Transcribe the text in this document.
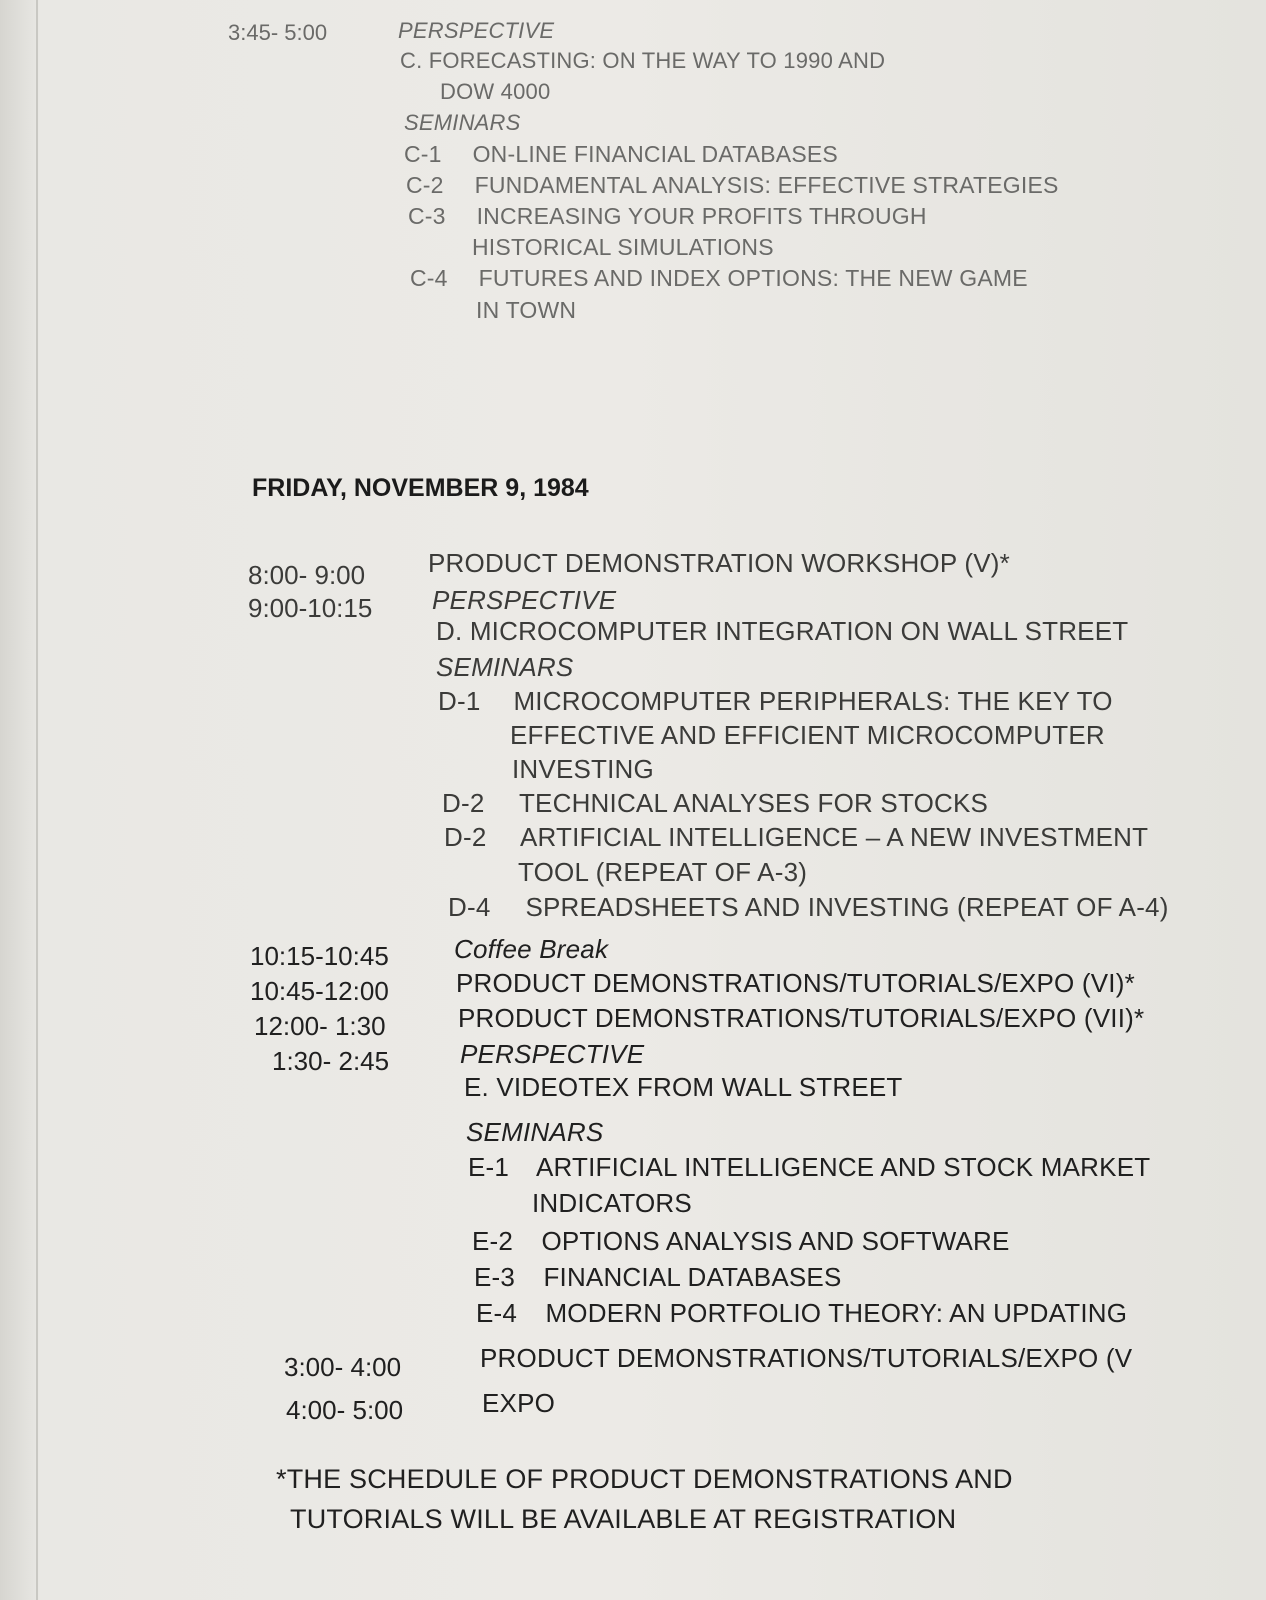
3:45- 5:00	PERSPECTIVE
C. FORECASTING: ON THE WAY TO 1990 AND
DOW 4000
SEMINARS
C-1 ON-LINE FINANCIAL DATABASES
C-2 FUNDAMENTAL ANALYSIS: EFFECTIVE STRATEGIES
C-3 INCREASING YOUR PROFITS THROUGH
HISTORICAL SIMULATIONS
C-4 FUTURES AND INDEX OPTIONS: THE NEW GAME
IN TOWN
FRIDAY, NOVEMBER 9, 1984
8:00- 9:00 PRODUCT DEMONSTRATION WORKSHOP (V)*
9:00-10:15 PERSPECTIVE
D. MICROCOMPUTER INTEGRATION ON WALL STREET
SEMINARS
D-1 MICROCOMPUTER PERIPHERALS: THE KEY TO
EFFECTIVE AND EFFICIENT MICROCOMPUTER
INVESTING
D-2 TECHNICAL ANALYSES FOR STOCKS
D-2 ARTIFICIAL INTELLIGENCE – A NEW INVESTMENT
TOOL (REPEAT OF A-3)
D-4 SPREADSHEETS AND INVESTING (REPEAT OF A-4)
10:15-10:45	Coffee Break
10:45-12:00	PRODUCT DEMONSTRATIONS/TUTORIALS/EXPO (VI)*
12:00- 1:30	PRODUCT DEMONSTRATIONS/TUTORIALS/EXPO (VII)*
1:30- 2:45	PERSPECTIVE
E. VIDEOTEX FROM WALL STREET
SEMINARS
E-1 ARTIFICIAL INTELLIGENCE AND STOCK MARKET
INDICATORS
E-2 OPTIONS ANALYSIS AND SOFTWARE
E-3 FINANCIAL DATABASES
E-4 MODERN PORTFOLIO THEORY: AN UPDATING
3:00- 4:00	PRODUCT DEMONSTRATIONS/TUTORIALS/EXPO (V
4:00- 5:00	EXPO
*THE SCHEDULE OF PRODUCT DEMONSTRATIONS AND
TUTORIALS WILL BE AVAILABLE AT REGISTRATION
